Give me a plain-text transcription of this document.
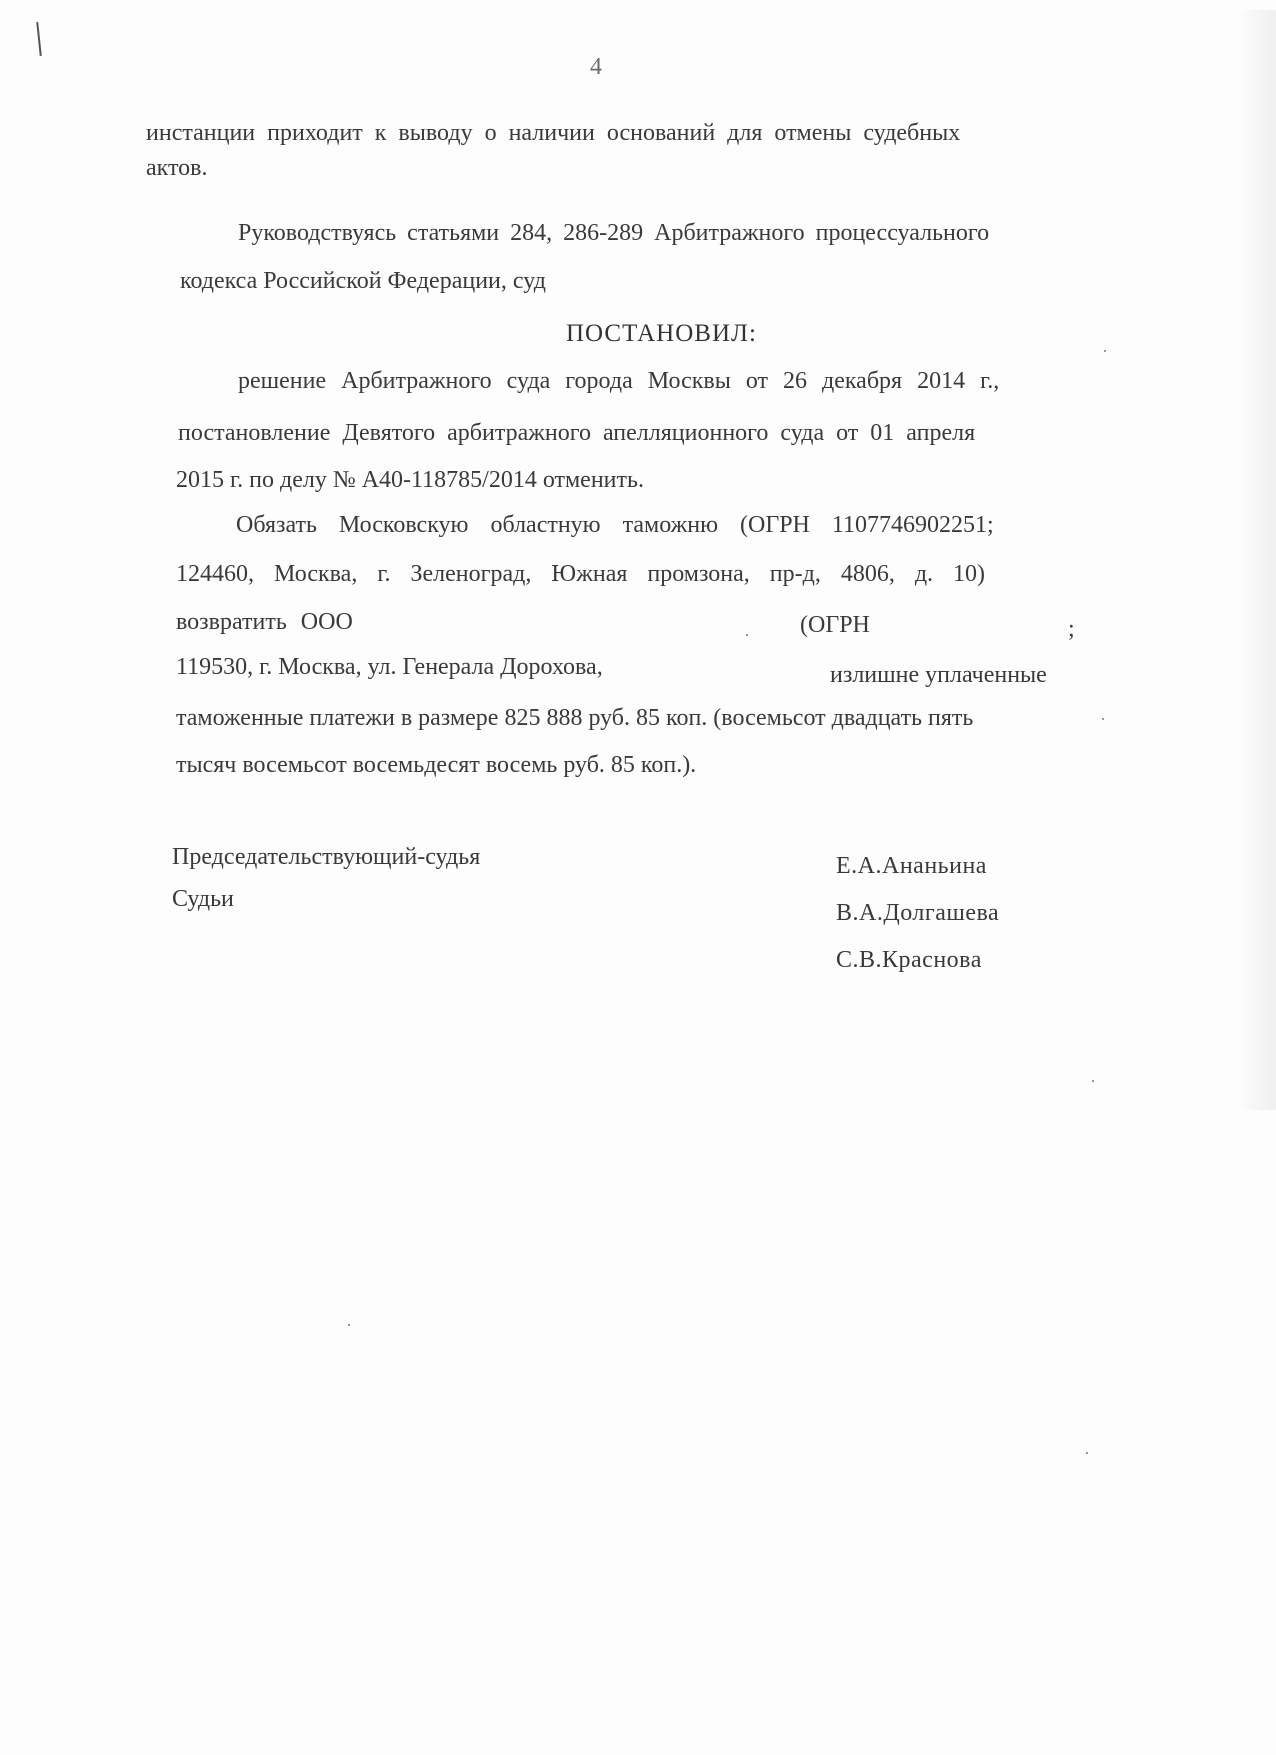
4
инстанции приходит к выводу о наличии оснований для отмены судебных
актов.
Руководствуясь статьями 284, 286-289 Арбитражного процессуального
кодекса Российской Федерации, суд
ПОСТАНОВИЛ:
решение Арбитражного суда города Москвы от 26 декабря 2014 г.,
постановление Девятого арбитражного апелляционного суда от 01 апреля
2015 г. по делу № А40-118785/2014 отменить.
Обязать Московскую областную таможню (ОГРН 1107746902251;
124460, Москва, г. Зеленоград, Южная промзона, пр-д, 4806, д. 10)
возвратить ООО	(ОГРН	;
119530, г. Москва, ул. Генерала Дорохова,	излишне уплаченные
таможенные платежи в размере 825 888 руб. 85 коп. (восемьсот двадцать пять
тысяч восемьсот восемьдесят восемь руб. 85 коп.).
Председательствующий-судья
Судьи
Е.А.Ананьина
В.А.Долгашева
С.В.Краснова
